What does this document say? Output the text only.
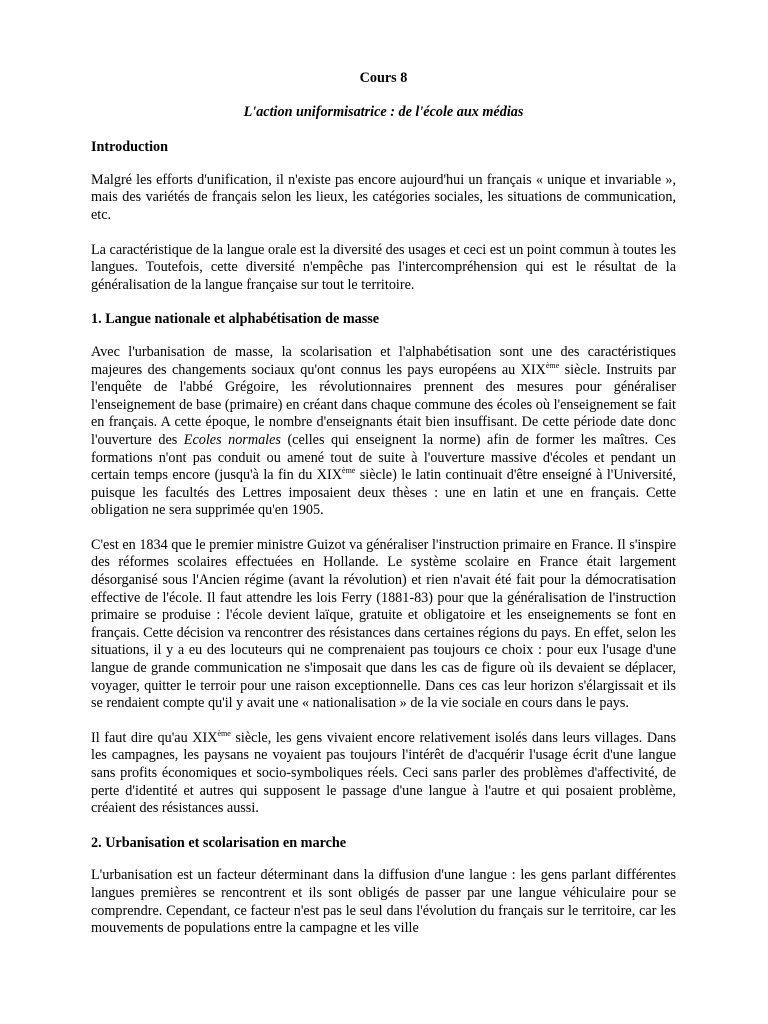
Cours 8
L'action uniformisatrice : de l'école aux médias
Introduction

Malgré les efforts d'unification, il n'existe pas encore aujourd'hui un français « unique et invariable », mais des variétés de français selon les lieux, les catégories sociales, les situations de communication, etc.

La caractéristique de la langue orale est la diversité des usages et ceci est un point commun à toutes les langues. Toutefois, cette diversité n'empêche pas l'intercompréhension qui est le résultat de la généralisation de la langue française sur tout le territoire.

1. Langue nationale et alphabétisation de masse

Avec l'urbanisation de masse, la scolarisation et l'alphabétisation sont une des caractéristiques majeures des changements sociaux qu'ont connus les pays européens au XIXème siècle. Instruits par l'enquête de l'abbé Grégoire, les révolutionnaires prennent des mesures pour généraliser l'enseignement de base (primaire) en créant dans chaque commune des écoles où l'enseignement se fait en français. A cette époque, le nombre d'enseignants était bien insuffisant. De cette période date donc l'ouverture des Ecoles normales (celles qui enseignent la norme) afin de former les maîtres. Ces formations n'ont pas conduit ou amené tout de suite à l'ouverture massive d'écoles et pendant un certain temps encore (jusqu'à la fin du XIXème siècle) le latin continuait d'être enseigné à l'Université, puisque les facultés des Lettres imposaient deux thèses : une en latin et une en français. Cette obligation ne sera supprimée qu'en 1905.

C'est en 1834 que le premier ministre Guizot va généraliser l'instruction primaire en France. Il s'inspire des réformes scolaires effectuées en Hollande. Le système scolaire en France était largement désorganisé sous l'Ancien régime (avant la révolution) et rien n'avait été fait pour la démocratisation effective de l'école. Il faut attendre les lois Ferry (1881-83) pour que la généralisation de l'instruction primaire se produise : l'école devient laïque, gratuite et obligatoire et les enseignements se font en français. Cette décision va rencontrer des résistances dans certaines régions du pays. En effet, selon les situations, il y a eu des locuteurs qui ne comprenaient pas toujours ce choix : pour eux l'usage d'une langue de grande communication ne s'imposait que dans les cas de figure où ils devaient se déplacer, voyager, quitter le terroir pour une raison exceptionnelle. Dans ces cas leur horizon s'élargissait et ils se rendaient compte qu'il y avait une « nationalisation » de la vie sociale en cours dans le pays.

Il faut dire qu'au XIXème siècle, les gens vivaient encore relativement isolés dans leurs villages. Dans les campagnes, les paysans ne voyaient pas toujours l'intérêt de d'acquérir l'usage écrit d'une langue sans profits économiques et socio-symboliques réels. Ceci sans parler des problèmes d'affectivité, de perte d'identité et autres qui supposent le passage d'une langue à l'autre et qui posaient problème, créaient des résistances aussi.

2. Urbanisation et scolarisation en marche

L'urbanisation est un facteur déterminant dans la diffusion d'une langue : les gens parlant différentes langues premières se rencontrent et ils sont obligés de passer par une langue véhiculaire pour se comprendre. Cependant, ce facteur n'est pas le seul dans l'évolution du français sur le territoire, car les mouvements de populations entre la campagne et les ville
